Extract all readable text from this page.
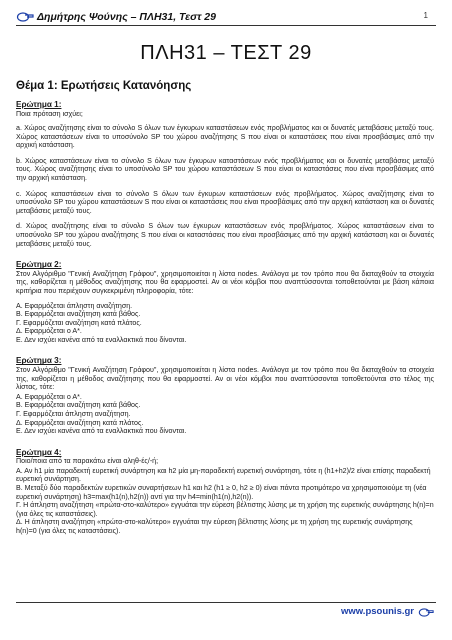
Δημήτρης Ψούνης – ΠΛΗ31, Τεστ 29	1
ΠΛΗ31 – ΤΕΣΤ 29
Θέμα 1: Ερωτήσεις Κατανόησης
Ερώτημα 1:

Ποια πρόταση ισχύει;

a. Χώρος αναζήτησης είναι το σύνολο S όλων των έγκυρων καταστάσεων ενός προβλήματος και οι δυνατές μεταβάσεις μεταξύ τους. Χώρος καταστάσεων είναι το υποσύνολο SP του χώρου αναζήτησης S που είναι οι καταστάσεις που είναι προσβάσιμες από την αρχική κατάσταση.

b. Χώρος καταστάσεων είναι το σύνολο S όλων των έγκυρων καταστάσεων ενός προβλήματος και οι δυνατές μεταβάσεις μεταξύ τους. Χώρος αναζήτησης είναι το υποσύνολο SP του χώρου καταστάσεων S που είναι οι καταστάσεις που είναι προσβάσιμες από την αρχική κατάσταση.

c. Χώρος καταστάσεων είναι το σύνολο S όλων των έγκυρων καταστάσεων ενός προβλήματος. Χώρος αναζήτησης είναι το υποσύνολο SP του χώρου καταστάσεων S που είναι οι καταστάσεις που είναι προσβάσιμες από την αρχική κατάσταση και οι δυνατές μεταβάσεις μεταξύ τους.

d. Χώρος αναζήτησης είναι το σύνολο S όλων των έγκυρων καταστάσεων ενός προβλήματος. Χώρος καταστάσεων είναι το υποσύνολο SP του χώρου αναζήτησης S που είναι οι καταστάσεις που είναι προσβάσιμες από την αρχική κατάσταση και οι δυνατές μεταβάσεις μεταξύ τους.

Ερώτημα 2:

Στον Αλγόριθμο "Γενική Αναζήτηση Γράφου", χρησιμοποιείται η λίστα nodes. Ανάλογα με τον τρόπο που θα διαταχθούν τα στοιχεία της, καθορίζεται η μέθοδος αναζήτησης που θα εφαρμοστεί. Αν οι νέοι κόμβοι που αναπτύσσονται τοποθετούνται με βάση κάποια κριτήρια που περιέχουν συγκεκριμένη πληροφορία, τότε:

Α. Εφαρμόζεται άπληστη αναζήτηση.

Β. Εφαρμόζεται αναζήτηση κατά βάθος.

Γ. Εφαρμόζεται αναζήτηση κατά πλάτος.

Δ. Εφαρμόζεται ο Α*.

Ε. Δεν ισχύει κανένα από τα εναλλακτικά που δίνονται.

Ερώτημα 3:

Στον Αλγόριθμο "Γενική Αναζήτηση Γράφου", χρησιμοποιείται η λίστα nodes. Ανάλογα με τον τρόπο που θα διαταχθούν τα στοιχεία της, καθορίζεται η μέθοδος αναζήτησης που θα εφαρμοστεί. Αν οι νέοι κόμβοι που αναπτύσσονται τοποθετούνται στο τέλος της λίστας, τότε:

Α. Εφαρμόζεται ο Α*.

Β. Εφαρμόζεται αναζήτηση κατά βάθος.

Γ. Εφαρμόζεται άπληστη αναζήτηση.

Δ. Εφαρμόζεται αναζήτηση κατά πλάτος.

Ε. Δεν ισχύει κανένα από τα εναλλακτικά που δίνονται.

Ερώτημα 4:

Ποιο/ποια από τα παρακάτω είναι αληθ-ές/-ή;

Α. Αν h1 μία παραδεκτή ευρετική συνάρτηση και h2 μία μη-παραδεκτή ευρετική συνάρτηση, τότε η (h1+h2)/2 είναι επίσης παραδεκτή ευρετική συνάρτηση.

Β. Μεταξύ δύο παραδεκτών ευρετικών συναρτήσεων h1 και h2 (h1 ≥ 0, h2 ≥ 0) είναι πάντα προτιμότερο να χρησιμοποιούμε τη (νέα ευρετική συνάρτηση) h3=max(h1(n),h2(n)) αντί για την h4=min(h1(n),h2(n)).

Γ. Η άπληστη αναζήτηση «πρώτα-στο-καλύτερο» εγγυάται την εύρεση βέλτιστης λύσης με τη χρήση της ευρετικής συνάρτησης h(n)=n (για όλες τις καταστάσεις).

Δ. Η άπληστη αναζήτηση «πρώτα-στο-καλύτερο» εγγυάται την εύρεση βέλτιστης λύσης με τη χρήση της ευρετικής συνάρτησης h(n)=0 (για όλες τις καταστάσεις).

www.psounis.gr
